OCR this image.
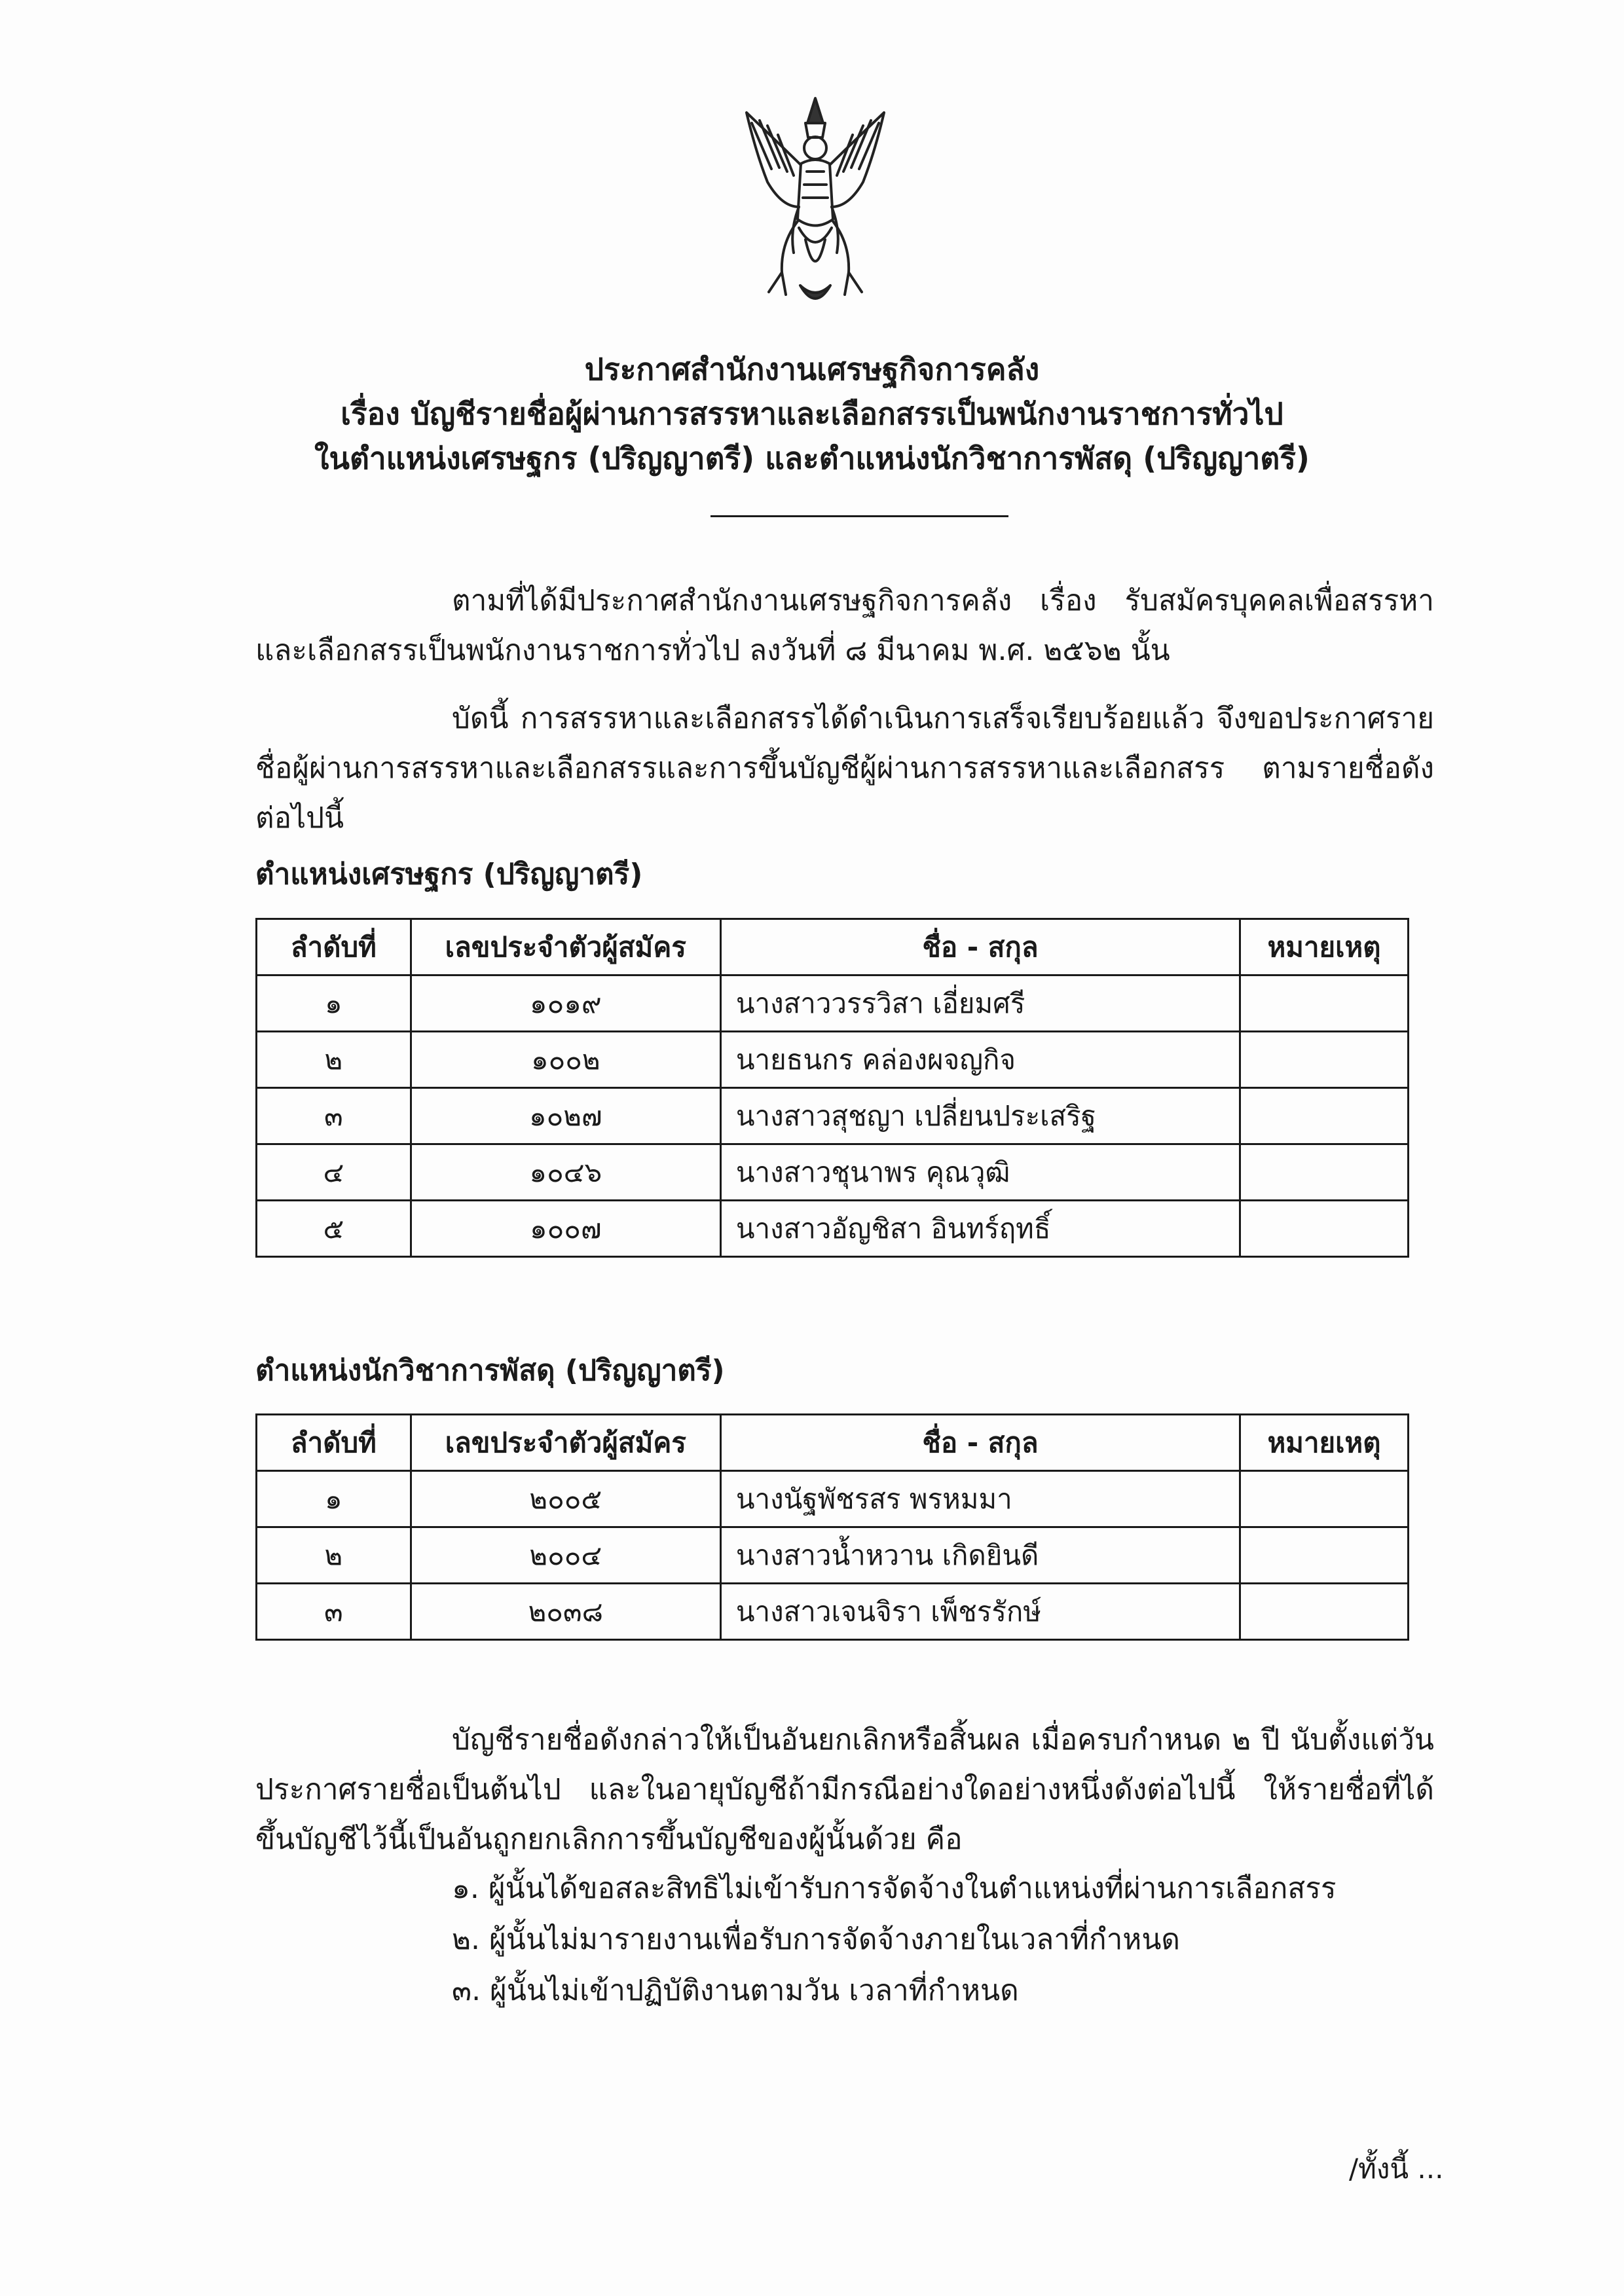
ประกาศสำนักงานเศรษฐกิจการคลัง
เรื่อง บัญชีรายชื่อผู้ผ่านการสรรหาและเลือกสรรเป็นพนักงานราชการทั่วไป
ในตำแหน่งเศรษฐกร (ปริญญาตรี) และตำแหน่งนักวิชาการพัสดุ (ปริญญาตรี)
ตามที่ได้มีประกาศสำนักงานเศรษฐกิจการคลัง เรื่อง รับสมัครบุคคลเพื่อสรรหาและเลือกสรรเป็นพนักงานราชการทั่วไป ลงวันที่ ๘ มีนาคม พ.ศ. ๒๕๖๒ นั้น
บัดนี้ การสรรหาและเลือกสรรได้ดำเนินการเสร็จเรียบร้อยแล้ว จึงขอประกาศรายชื่อผู้ผ่านการสรรหาและเลือกสรรและการขึ้นบัญชีผู้ผ่านการสรรหาและเลือกสรร ตามรายชื่อดังต่อไปนี้
ตำแหน่งเศรษฐกร (ปริญญาตรี)
ลำดับที่	เลขประจำตัวผู้สมัคร	ชื่อ - สกุล	หมายเหตุ
๑	๑๐๑๙	นางสาววรรวิสา เอี่ยมศรี	
๒	๑๐๐๒	นายธนกร คล่องผจญกิจ	
๓	๑๐๒๗	นางสาวสุชญา เปลี่ยนประเสริฐ	
๔	๑๐๔๖	นางสาวชุนาพร คุณวุฒิ	
๕	๑๐๐๗	นางสาวอัญชิสา อินทร์ฤทธิ์	
ตำแหน่งนักวิชาการพัสดุ (ปริญญาตรี)
ลำดับที่	เลขประจำตัวผู้สมัคร	ชื่อ - สกุล	หมายเหตุ
๑	๒๐๐๕	นางนัฐพัชรสร พรหมมา	
๒	๒๐๐๔	นางสาวน้ำหวาน เกิดยินดี	
๓	๒๐๓๘	นางสาวเจนจิรา เพ็ชรรักษ์	
บัญชีรายชื่อดังกล่าวให้เป็นอันยกเลิกหรือสิ้นผล เมื่อครบกำหนด ๒ ปี นับตั้งแต่วันประกาศรายชื่อเป็นต้นไป และในอายุบัญชีถ้ามีกรณีอย่างใดอย่างหนึ่งดังต่อไปนี้ ให้รายชื่อที่ได้ขึ้นบัญชีไว้นี้เป็นอันถูกยกเลิกการขึ้นบัญชีของผู้นั้นด้วย คือ
๑. ผู้นั้นได้ขอสละสิทธิไม่เข้ารับการจัดจ้างในตำแหน่งที่ผ่านการเลือกสรร
๒. ผู้นั้นไม่มารายงานเพื่อรับการจัดจ้างภายในเวลาที่กำหนด
๓. ผู้นั้นไม่เข้าปฏิบัติงานตามวัน เวลาที่กำหนด
/ทั้งนี้ ...
